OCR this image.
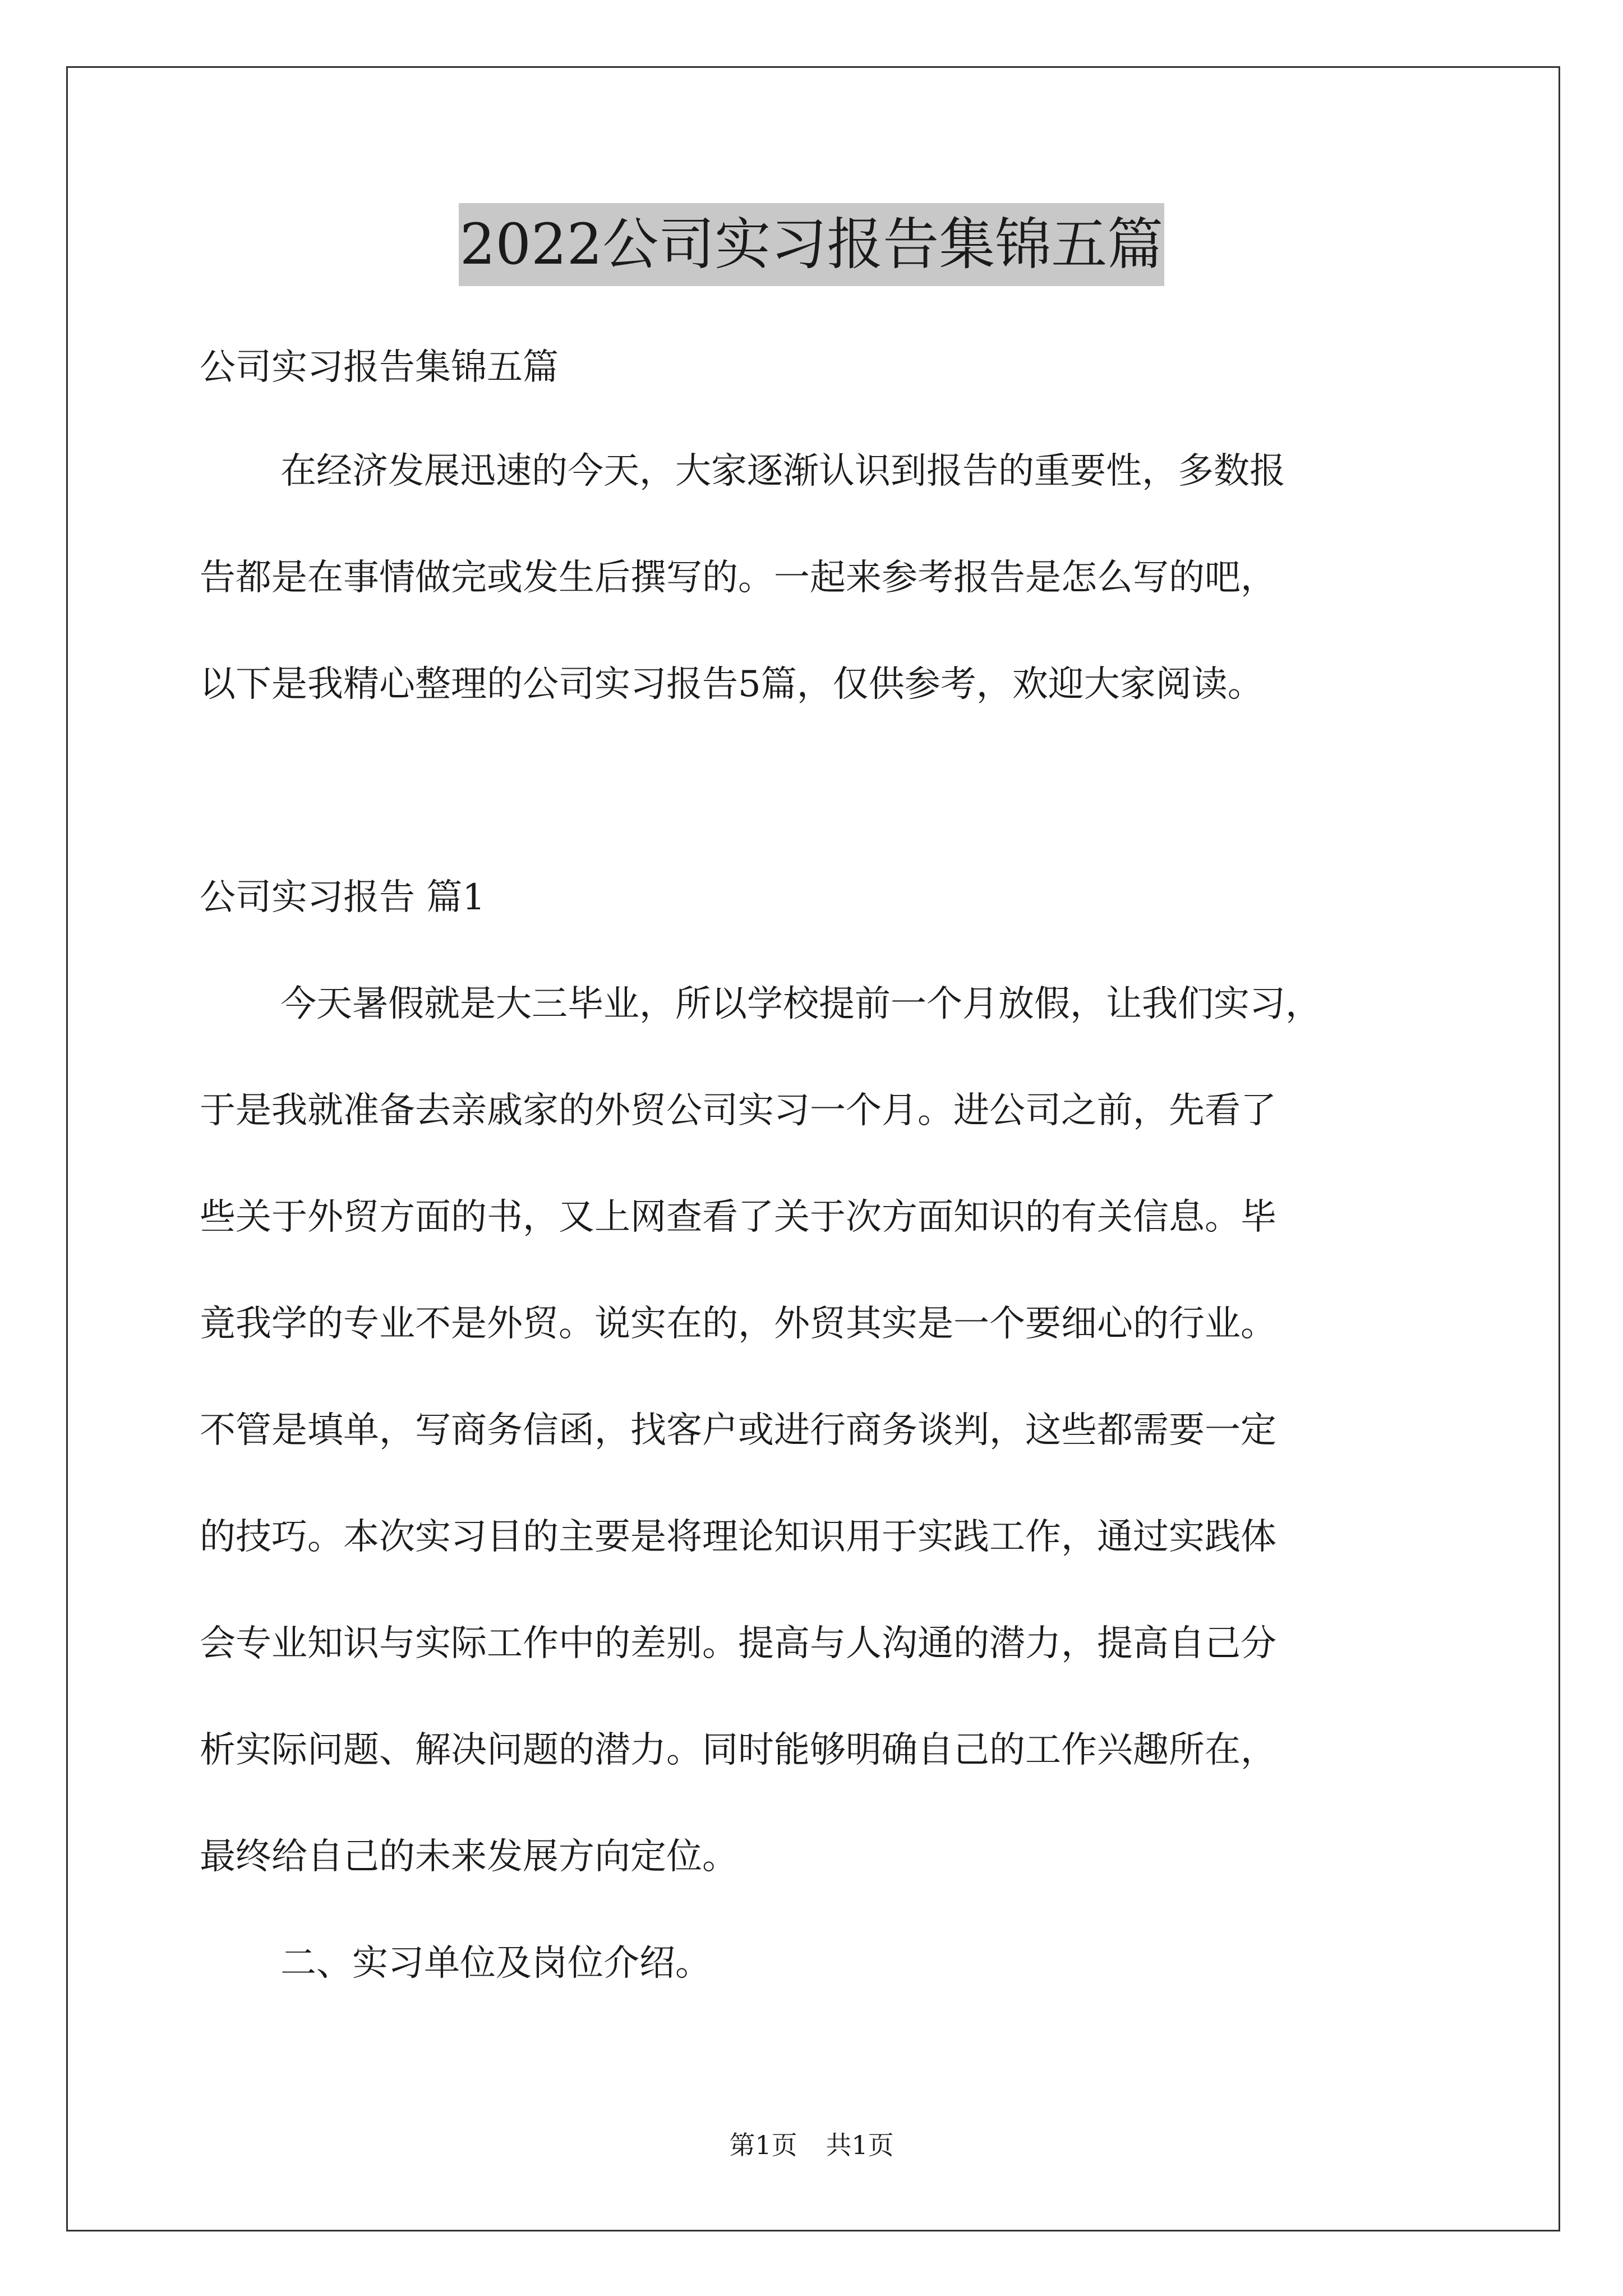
2022公司实习报告集锦五篇
公司实习报告集锦五篇
在经济发展迅速的今天，大家逐渐认识到报告的重要性，多数报
告都是在事情做完或发生后撰写的。一起来参考报告是怎么写的吧，
以下是我精心整理的公司实习报告5篇，仅供参考，欢迎大家阅读。
公司实习报告 篇1
今天暑假就是大三毕业，所以学校提前一个月放假，让我们实习，
于是我就准备去亲戚家的外贸公司实习一个月。进公司之前，先看了
些关于外贸方面的书，又上网查看了关于次方面知识的有关信息。毕
竟我学的专业不是外贸。说实在的，外贸其实是一个要细心的行业。
不管是填单，写商务信函，找客户或进行商务谈判，这些都需要一定
的技巧。本次实习目的主要是将理论知识用于实践工作，通过实践体
会专业知识与实际工作中的差别。提高与人沟通的潜力，提高自己分
析实际问题、解决问题的潜力。同时能够明确自己的工作兴趣所在，
最终给自己的未来发展方向定位。
二、实习单位及岗位介绍。
第1页 共1页
